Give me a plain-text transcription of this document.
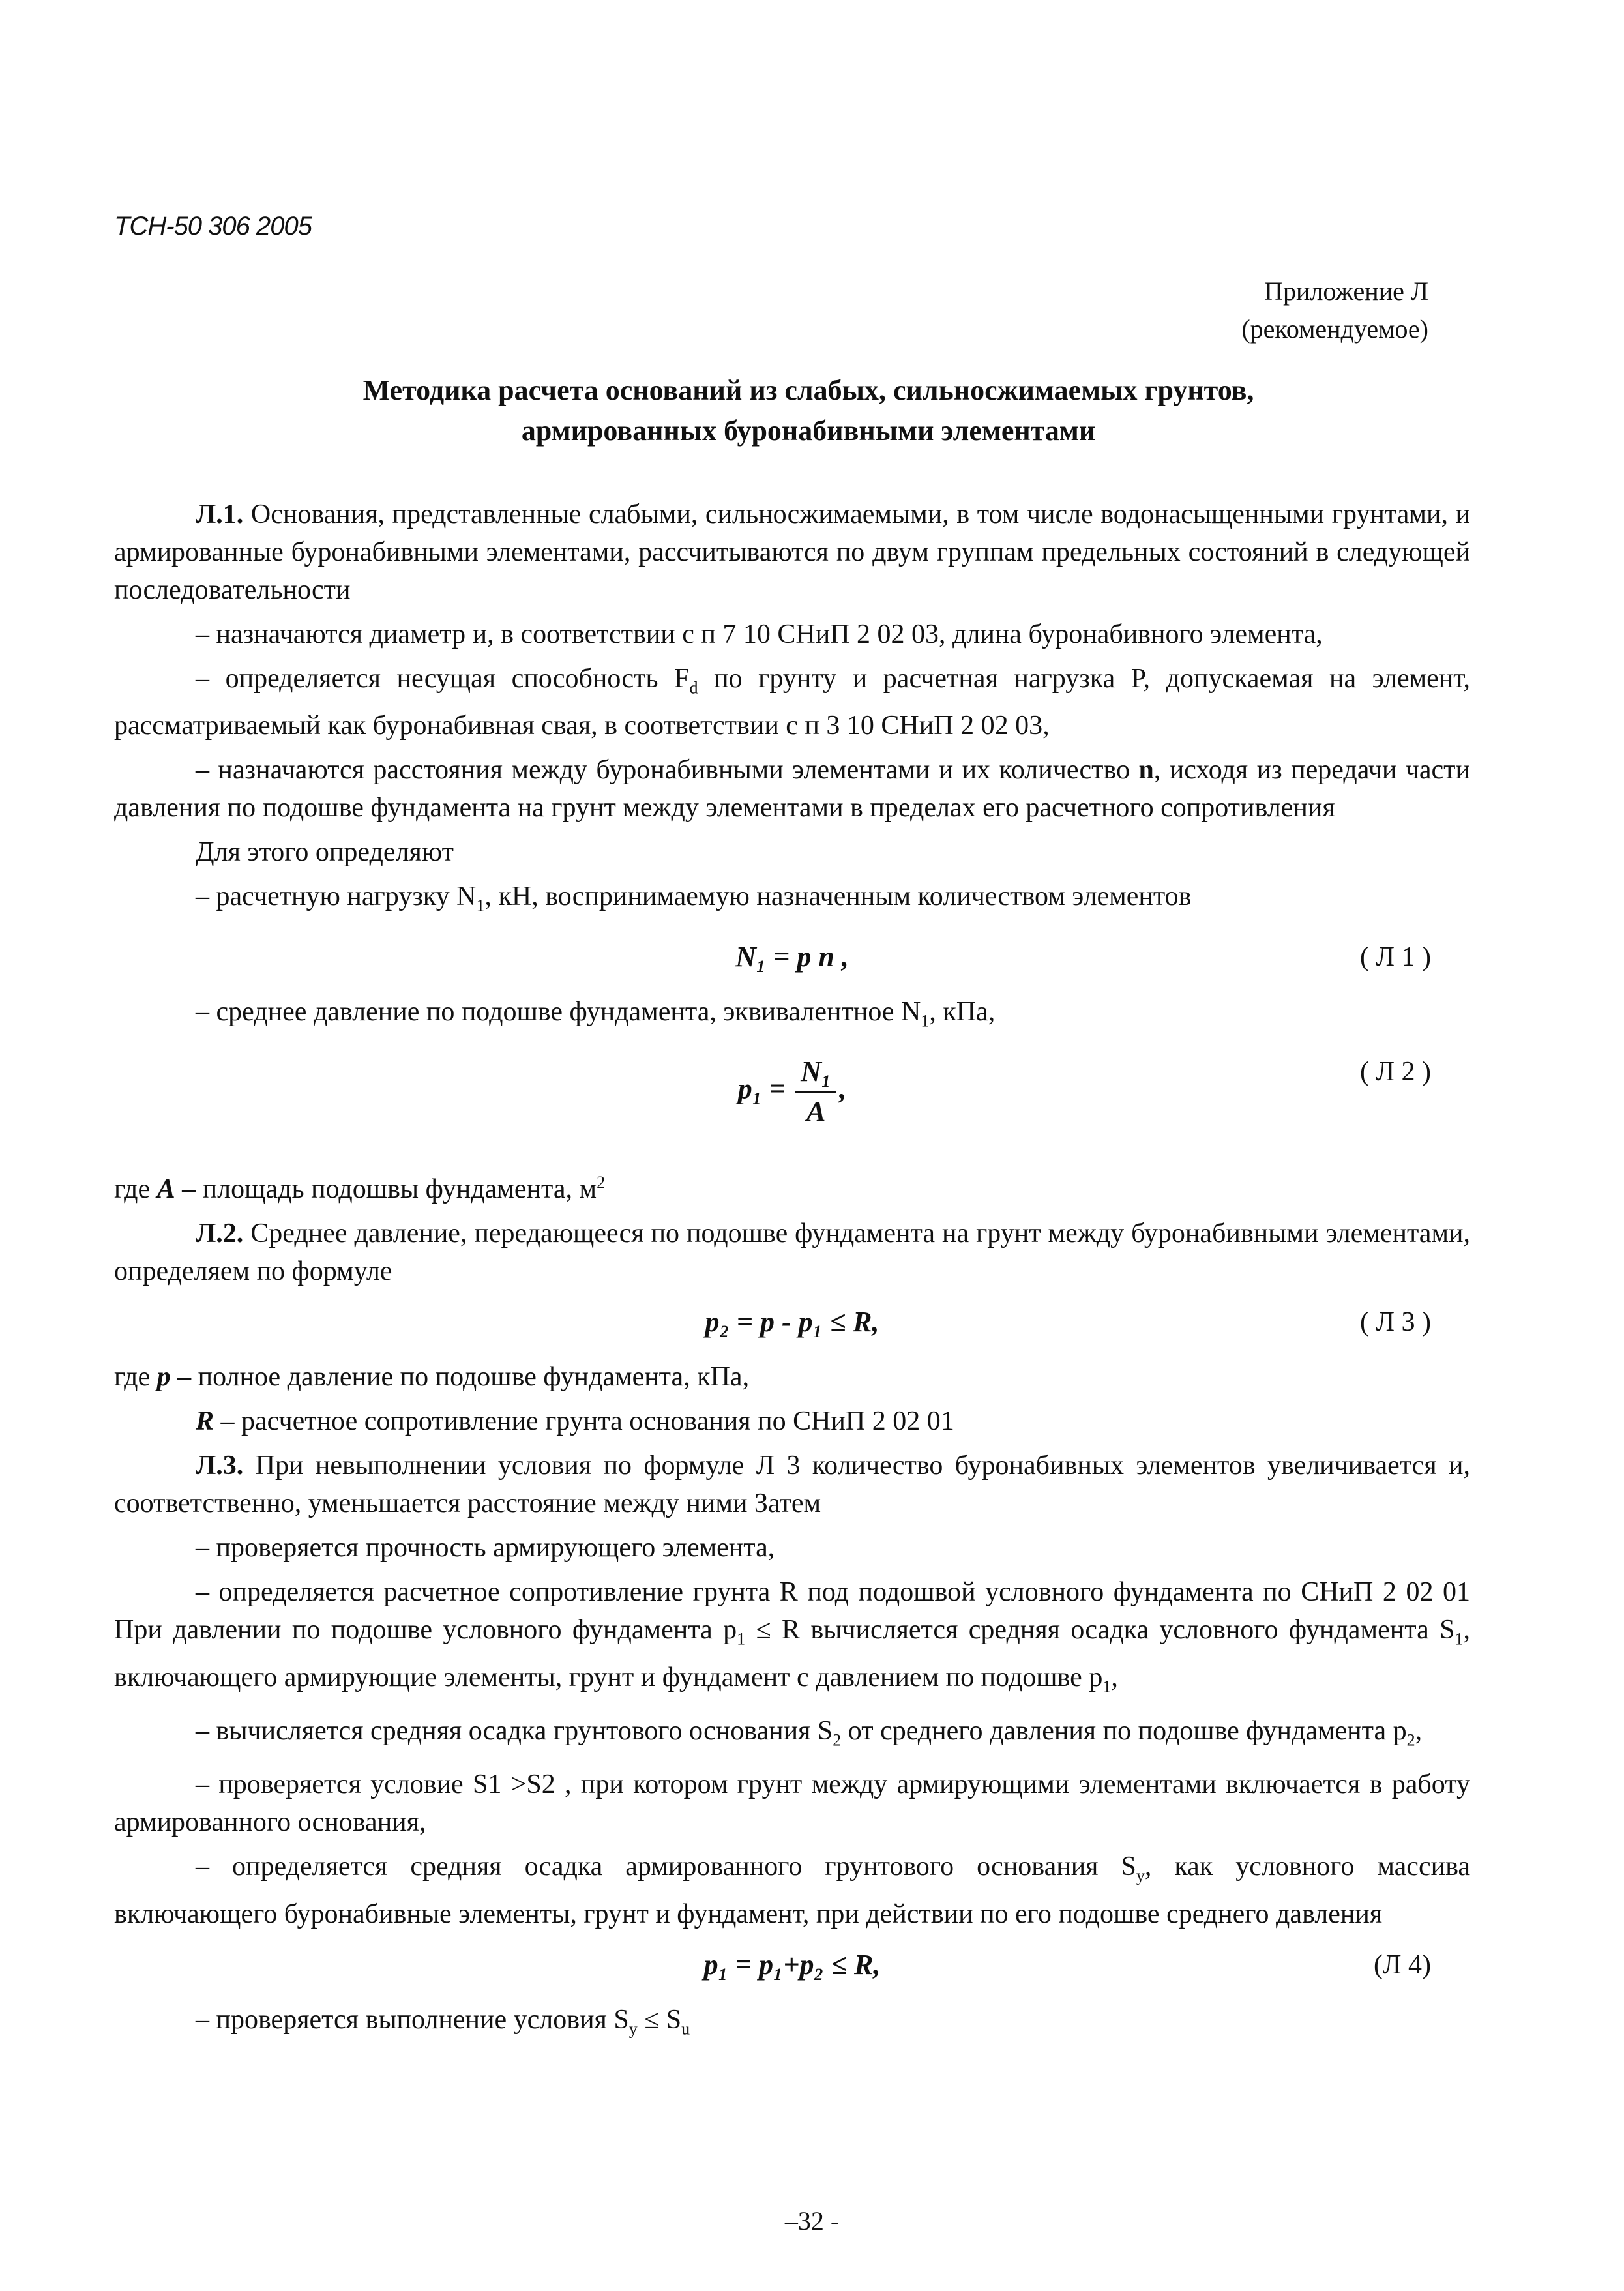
ТСН-50 306 2005
Приложение Л
(рекомендуемое)
Методика расчета оснований из слабых, сильносжимаемых грунтов,
армированных буронабивными элементами

Л.1. Основания, представленные слабыми, сильносжимаемыми, в том числе водонасыщенными грунтами, и армированные буронабивными элементами, рассчитываются по двум группам предельных состояний в следующей последовательности

– назначаются диаметр и, в соответствии с п 7 10 СНиП 2 02 03, длина буронабивного элемента,

– определяется несущая способность $F_d$ по грунту и расчетная нагрузка P, допускаемая на элемент, рассматриваемый как буронабивная свая, в соответствии с п 3 10 СНиП 2 02 03,

– назначаются расстояния между буронабивными элементами и их количество n, исходя из передачи части давления по подошве фундамента на грунт между элементами в пределах его расчетного сопротивления

Для этого определяют

– расчетную нагрузку $N_1$, кН, воспринимаемую назначенным количеством элементов

N₁ = p n ,	( Л 1 )

– среднее давление по подошве фундамента, эквивалентное $N_1$, кПа,

$p_1 = \frac{\text{N₁}}{A}$ ,
( Л 2 )

где A – площадь подошвы фундамента, $м^2$

Л.2. Среднее давление, передающееся по подошве фундамента на грунт между буронабивными элементами, определяем по формуле

p₂ = p - p₁ ≤ R,	( Л 3 )

где p – полное давление по подошве фундамента, кПа,

R – расчетное сопротивление грунта основания по СНиП 2 02 01

Л.3. При невыполнении условия по формуле Л 3 количество буронабивных элементов увеличивается и, соответственно, уменьшается расстояние между ними Затем

– проверяется прочность армирующего элемента,

– определяется расчетное сопротивление грунта R под подошвой условного фундамента по СНиП 2 02 01 При давлении по подошве условного фундамента $p_1 \le R$ вычисляется средняя осадка условного фундамента $S_1$, включающего армирующие элементы, грунт и фундамент с давлением по подошве $p_1$,

– вычисляется средняя осадка грунтового основания $S_2$ от среднего давления по подошве фундамента $p_2$,

– проверяется условие S1 >S2 , при котором грунт между армирующими элементами включается в работу армированного основания,

– определяется средняя осадка армированного грунтового основания $S_y$, как условного массива включающего буронабивные элементы, грунт и фундамент, при действии по его подошве среднего давления

p₁ = p₁+p₂ ≤ R,	(Л 4)

– проверяется выполнение условия $S_y \le S_u$

–32 -
